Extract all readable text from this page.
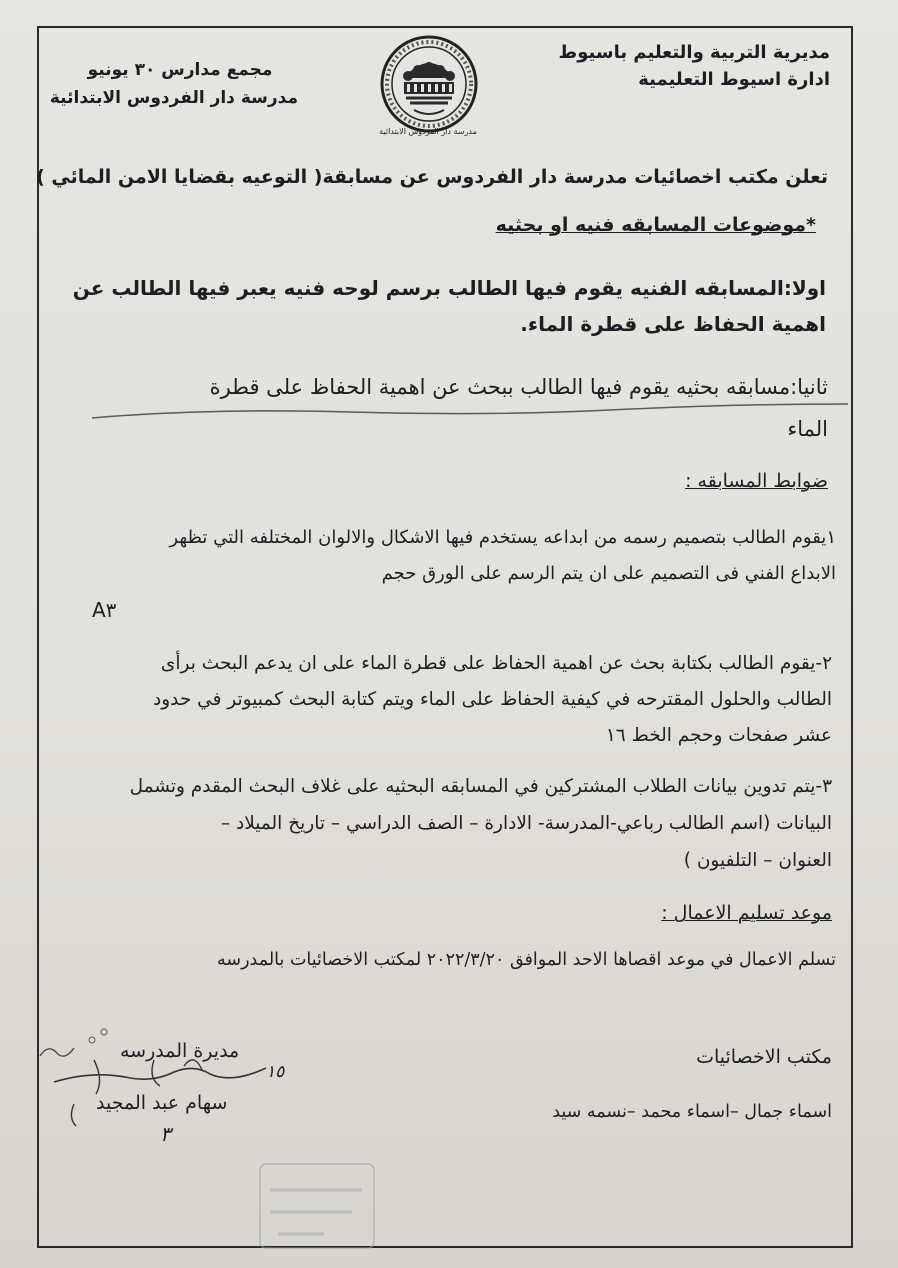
مديرية التربية والتعليم باسيوط
ادارة اسيوط التعليمية
مجمع مدارس ٣٠ يونيو
مدرسة دار الفردوس الابتدائية
مدرسة دار الفردوس الابتدائية
تعلن مكتب اخصائيات مدرسة دار الفردوس عن مسابقة( التوعيه بقضايا الامن المائي )
*موضوعات المسابقه فنيه او بحثيه
اولا:المسابقه الفنيه يقوم فيها الطالب برسم لوحه فنيه يعبر فيها الطالب عن
اهمية الحفاظ على قطرة الماء.
ثانيا:مسابقه بحثيه يقوم فيها الطالب ببحث عن اهمية الحفاظ على قطرة
الماء
ضوابط المسابقه :
١يقوم الطالب بتصميم رسمه من ابداعه يستخدم فيها الاشكال والالوان المختلفه التي تظهر
الابداع الفني فى التصميم على ان يتم الرسم على الورق حجم
A٣
٢-يقوم الطالب بكتابة بحث عن اهمية الحفاظ على قطرة الماء على ان يدعم البحث برأى
الطالب والحلول المقترحه في كيفية الحفاظ على الماء ويتم كتابة البحث كمبيوتر في حدود
عشر صفحات وحجم الخط ١٦
٣-يتم تدوين بيانات الطلاب المشتركين في المسابقه البحثيه على غلاف البحث المقدم وتشمل
البيانات (اسم الطالب رباعي-المدرسة- الادارة – الصف الدراسي – تاريخ الميلاد –
العنوان – التلفيون )
موعد تسليم الاعمال :
تسلم الاعمال في موعد اقصاها الاحد الموافق ٢٠٢٢/٣/٢٠ لمكتب الاخصائيات بالمدرسه
مكتب الاخصائيات
اسماء جمال –اسماء محمد –نسمه سيد
مديرة المدرسه
١٥
سهام عبد المجيد
٣
